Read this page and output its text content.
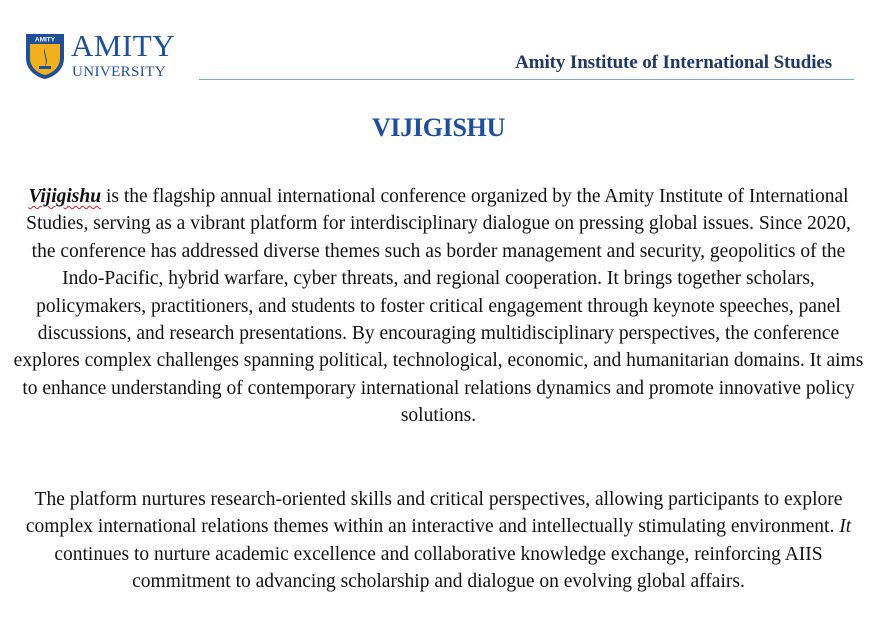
AMITY AMITY
UNIVERSITY	Amity Institute of International Studies
VIJIGISHU

Vijigishu is the flagship annual international conference organized by the Amity Institute of International Studies, serving as a vibrant platform for interdisciplinary dialogue on pressing global issues. Since 2020, the conference has addressed diverse themes such as border management and security, geopolitics of the Indo-Pacific, hybrid warfare, cyber threats, and regional cooperation. It brings together scholars, policymakers, practitioners, and students to foster critical engagement through keynote speeches, panel discussions, and research presentations. By encouraging multidisciplinary perspectives, the conference explores complex challenges spanning political, technological, economic, and humanitarian domains. It aims to enhance understanding of contemporary international relations dynamics and promote innovative policy solutions.

The platform nurtures research-oriented skills and critical perspectives, allowing participants to explore complex international relations themes within an interactive and intellectually stimulating environment. It continues to nurture academic excellence and collaborative knowledge exchange, reinforcing AIIS commitment to advancing scholarship and dialogue on evolving global affairs.
